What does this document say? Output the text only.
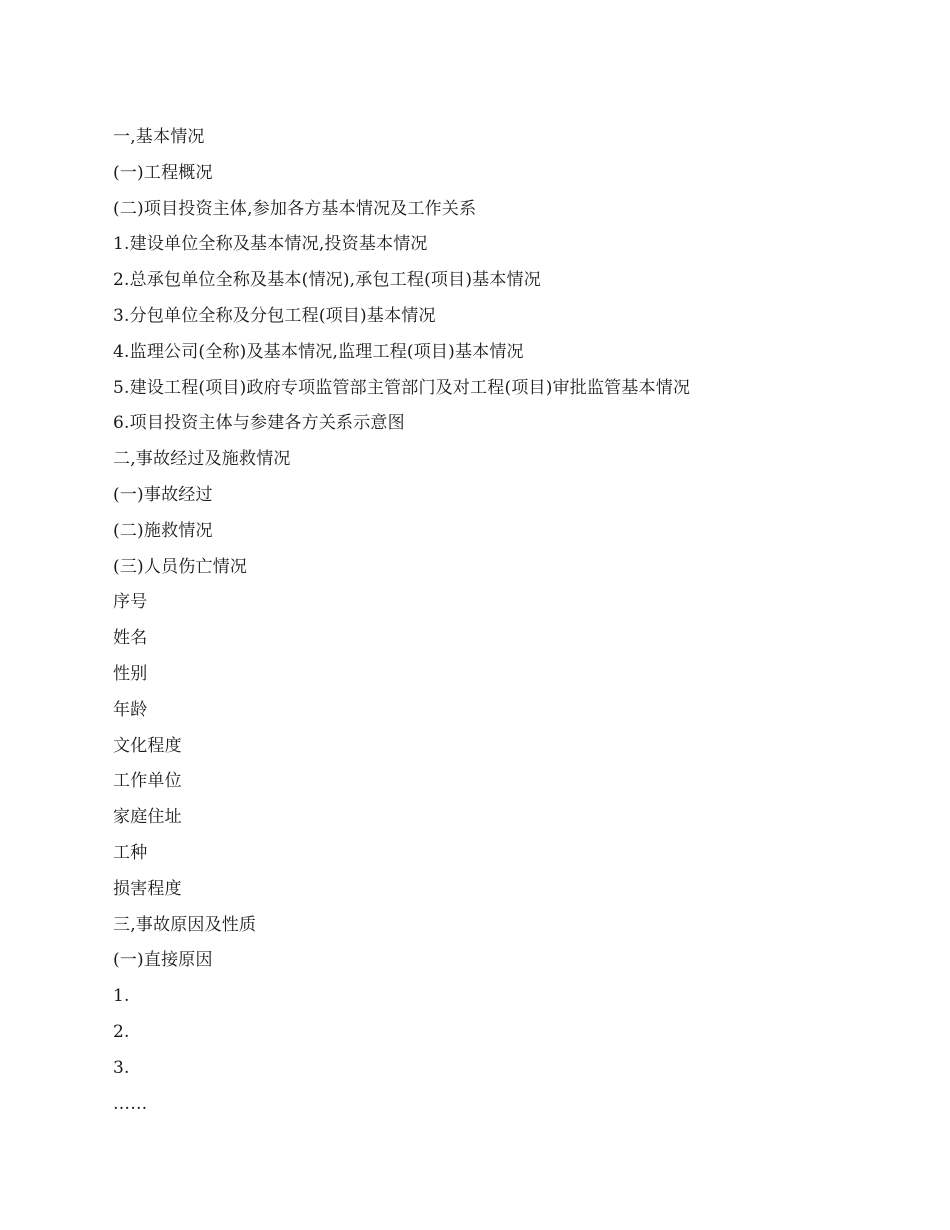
一,基本情况
(一)工程概况
(二)项目投资主体,参加各方基本情况及工作关系
1.建设单位全称及基本情况,投资基本情况
2.总承包单位全称及基本(情况),承包工程(项目)基本情况
3.分包单位全称及分包工程(项目)基本情况
4.监理公司(全称)及基本情况,监理工程(项目)基本情况
5.建设工程(项目)政府专项监管部主管部门及对工程(项目)审批监管基本情况
6.项目投资主体与参建各方关系示意图
二,事故经过及施救情况
(一)事故经过
(二)施救情况
(三)人员伤亡情况
序号
姓名
性别
年龄
文化程度
工作单位
家庭住址
工种
损害程度
三,事故原因及性质
(一)直接原因
1.
2.
3.
……
